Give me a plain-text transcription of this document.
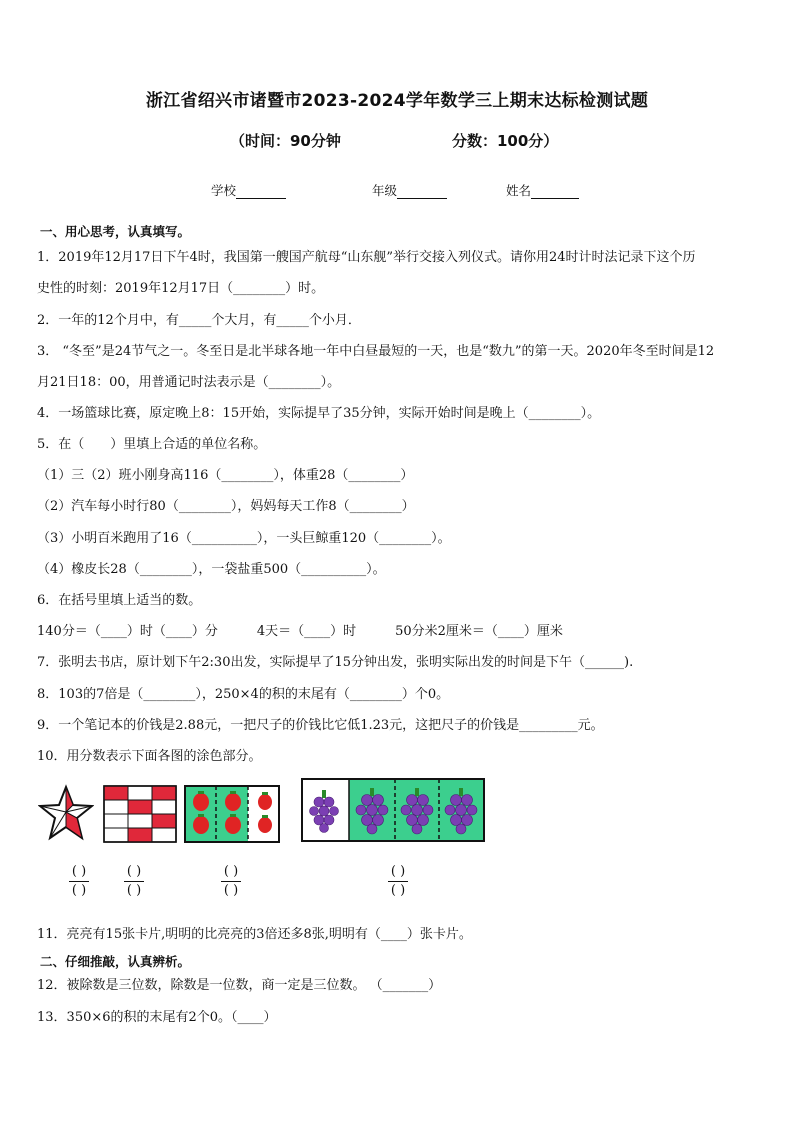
浙江省绍兴市诸暨市2023-2024学年数学三上期末达标检测试题
（时间：90分钟	分数：100分）
学校	年级	姓名
一、用心思考，认真填写。
1．2019年12月17日下午4时，我国第一艘国产航母“山东舰”举行交接入列仪式。请你用24时计时法记录下这个历
史性的时刻：2019年12月17日（________）时。
2．一年的12个月中，有_____个大月，有_____个小月．
3． “冬至”是24节气之一。冬至日是北半球各地一年中白昼最短的一天，也是“数九”的第一天。2020年冬至时间是12
月21日18：00，用普通记时法表示是（________）。
4．一场篮球比赛，原定晚上8：15开始，实际提早了35分钟，实际开始时间是晚上（________）。
5．在（　　）里填上合适的单位名称。
（1）三（2）班小刚身高116（________），体重28（________）
（2）汽车每小时行80（________），妈妈每天工作8（________）
（3）小明百米跑用了16（__________），一头巨鲸重120（________）。
（4）橡皮长28（________），一袋盐重500（__________）。
6．在括号里填上适当的数。
140分＝（____）时（____）分　　　4天＝（____）时　　　50分米2厘米＝（____）厘米
7．张明去书店，原计划下午2:30出发，实际提早了15分钟出发，张明实际出发的时间是下午（______).
8．103的7倍是（________），250×4的积的末尾有（________）个0。
9．一个笔记本的价钱是2.88元，一把尺子的价钱比它低1.23元，这把尺子的价钱是_________元。
10．用分数表示下面各图的涂色部分。
( )
( )
( )
( )
( )
( )
( )
( )
11．亮亮有15张卡片,明明的比亮亮的3倍还多8张,明明有（____）张卡片。
二、仔细推敲，认真辨析。
12．被除数是三位数，除数是一位数，商一定是三位数。 （_______）
13．350×6的积的末尾有2个0。（____）
